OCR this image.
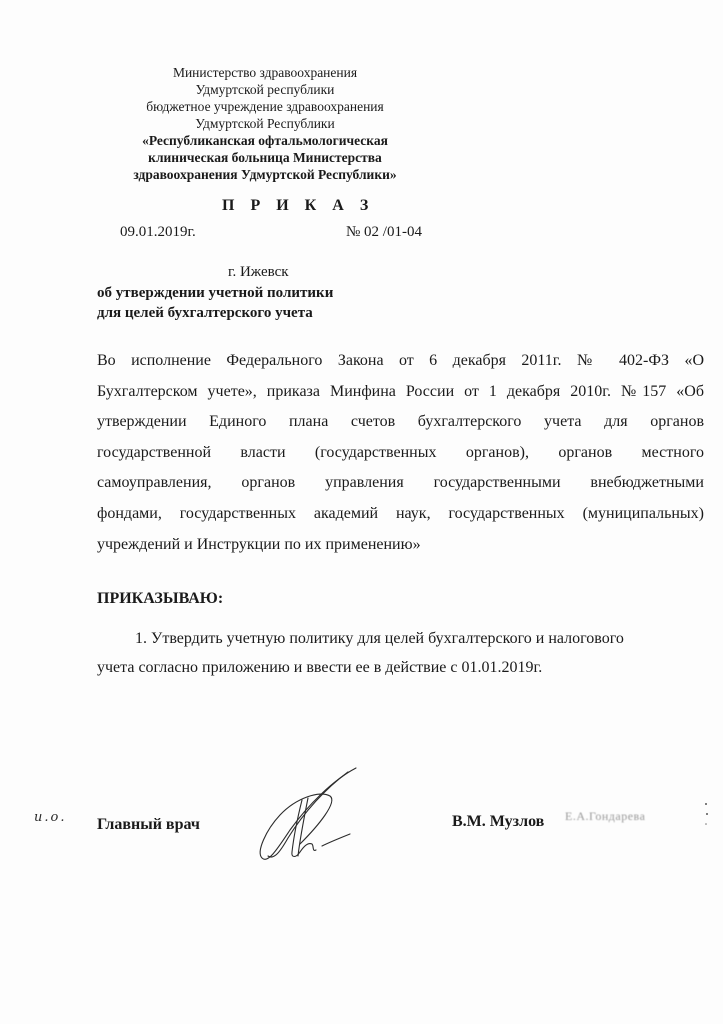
Министерство здравоохранения
Удмуртской республики
бюджетное учреждение здравоохранения
Удмуртской Республики
«Республиканская офтальмологическая
клиническая больница Министерства
здравоохранения Удмуртской Республики»
П Р И К А З
09.01.2019г.	№ 02 /01-04
г. Ижевск
об утверждении учетной политики
для целей бухгалтерского учета
Во исполнение Федерального Закона от 6 декабря 2011г. № 402-ФЗ «О
Бухгалтерском учете», приказа Минфина России от 1 декабря 2010г. №157 «Об
утверждении Единого плана счетов бухгалтерского учета для органов
государственной власти (государственных органов), органов местного
самоуправления, органов управления государственными внебюджетными
фондами, государственных академий наук, государственных (муниципальных)
учреждений и Инструкции по их применению»
ПРИКАЗЫВАЮ:
1. Утвердить учетную политику для целей бухгалтерского и налогового
учета согласно приложению и ввести ее в действие с 01.01.2019г.
и.о. Главный врач	В.М. Музлов Е.А.Гондарева
